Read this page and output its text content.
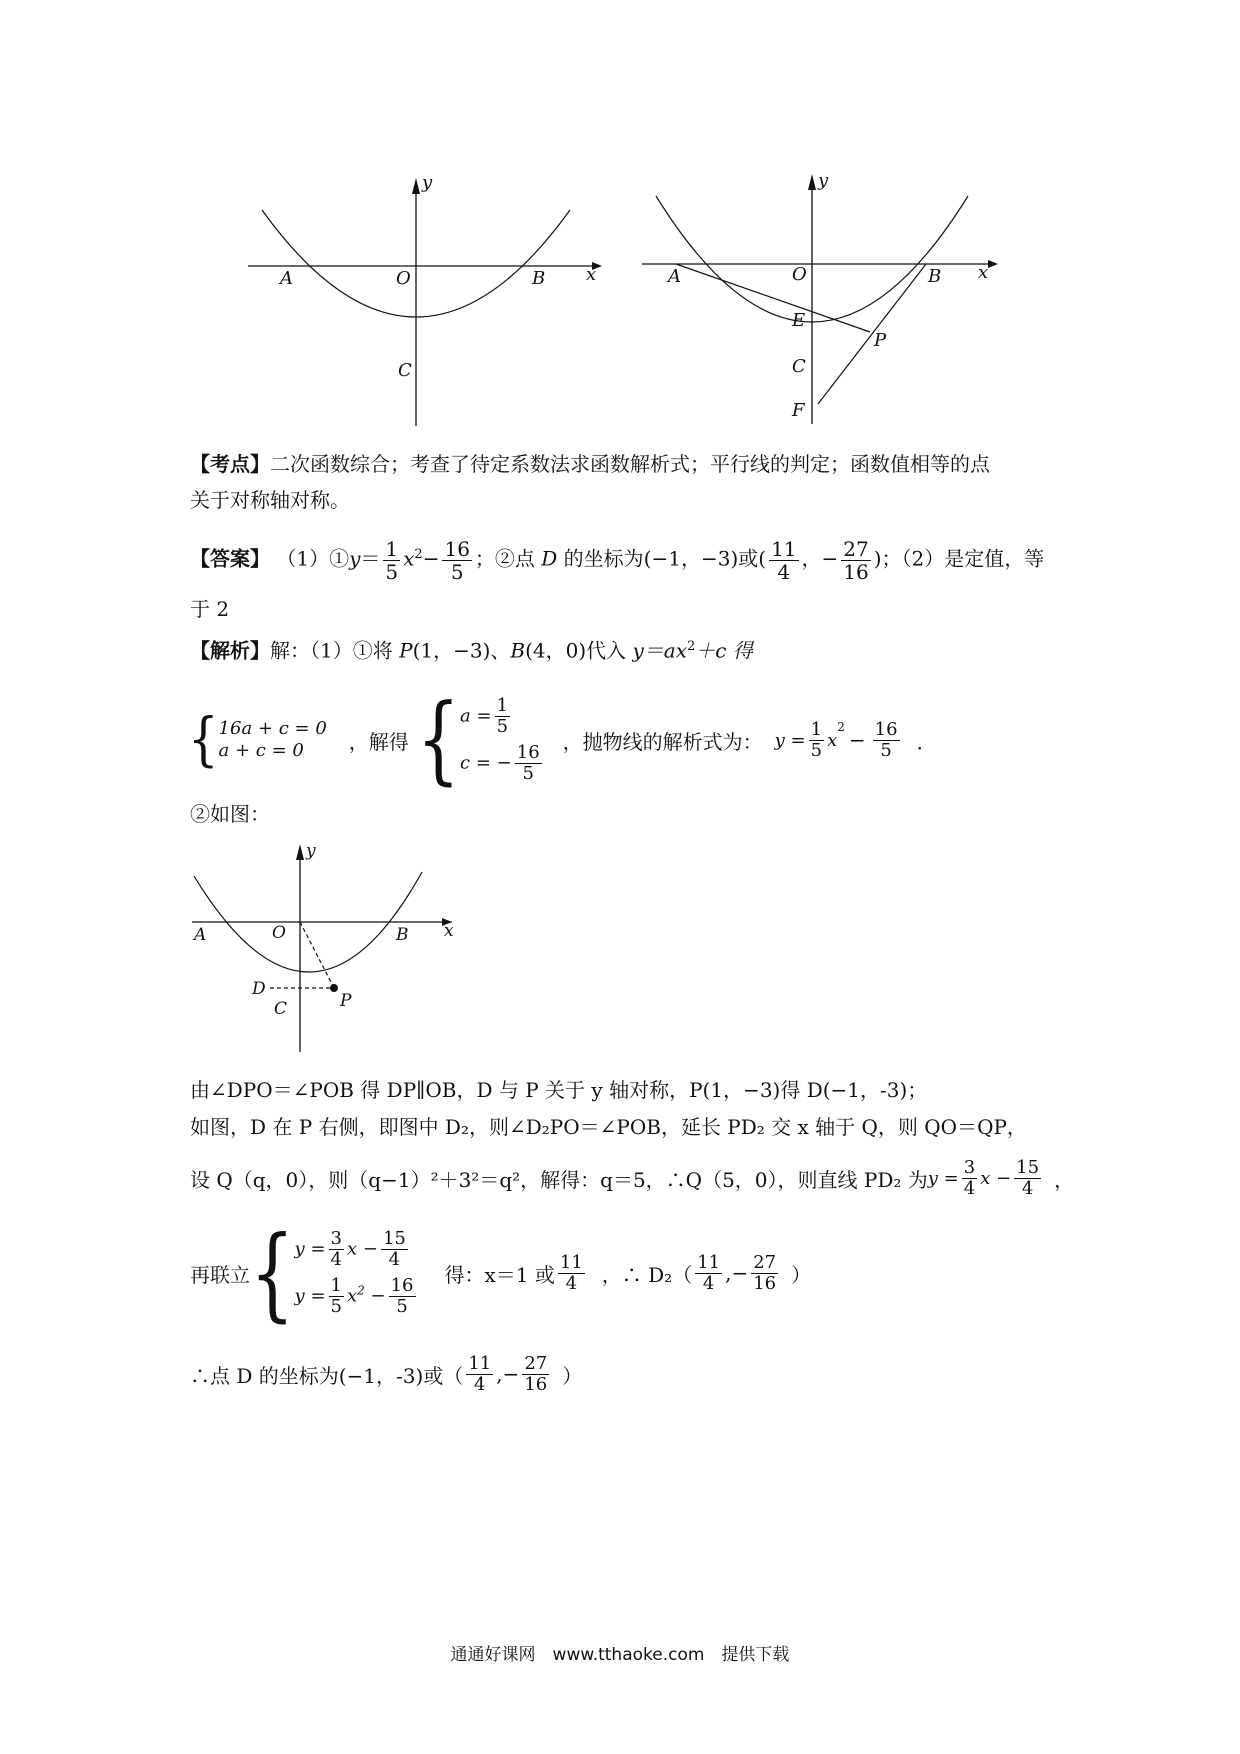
y
x
A	O	B
C
y
x
A	O	B
E
P
C
F
【考点】二次函数综合；考查了待定系数法求函数解析式；平行线的判定；函数值相等的点
关于对称轴对称。
【答案】 （1）①y＝ $\frac{1}{5} x^2- \frac{16}{5}$ ；②点 D 的坐标为(−1，−3)或( $\frac{11}{4}$ ，− $\frac{27}{16}$ )；（2）是定值，等
于 2
【解析】解：（1）①将 P(1，−3)、B(4，0)代入 $y=ax^2+c$ 得
{ 16a + c = 0
a + c = 0	，解得 { $a = \frac{1}{5}$
c = − $\frac{16}{5}$
，抛物线的解析式为： $y = \frac{1}{5}$ x
$^2$
− $\frac{16}{5}$ ．
②如图：
y
x
A	O	B
D
C	P
由∠DPO＝∠POB 得 DP∥OB，D 与 P 关于 y 轴对称，P(1，−3)得 D(−1，-3)；
如图，D 在 P 右侧，即图中 D₂，则∠D₂PO＝∠POB，延长 PD₂ 交 x 轴于 Q，则 QO＝QP，
设 Q（q，0），则（q−1）²＋3²＝q²，解得：q＝5，∴Q（5，0），则直线 PD₂ 为 $y = \frac{3}{4}$ $x - \frac{15}{4}$ ，
再联立 { $y = \frac{3}{4}$ $x - \frac{15}{4}$
$y = \frac{1}{5} x^2 - \frac{16}{5}$
得：x＝1 或 $\frac{11}{4}$ ，∴ $D_2( \frac{11}{4}$ ,− $\frac{27}{16}$ ）
∴点 D 的坐标为(−1，-3)或（ $\frac{11}{4}$ ,− $\frac{27}{16}$ ）
通通好课网　www.tthaoke.com　提供下载
